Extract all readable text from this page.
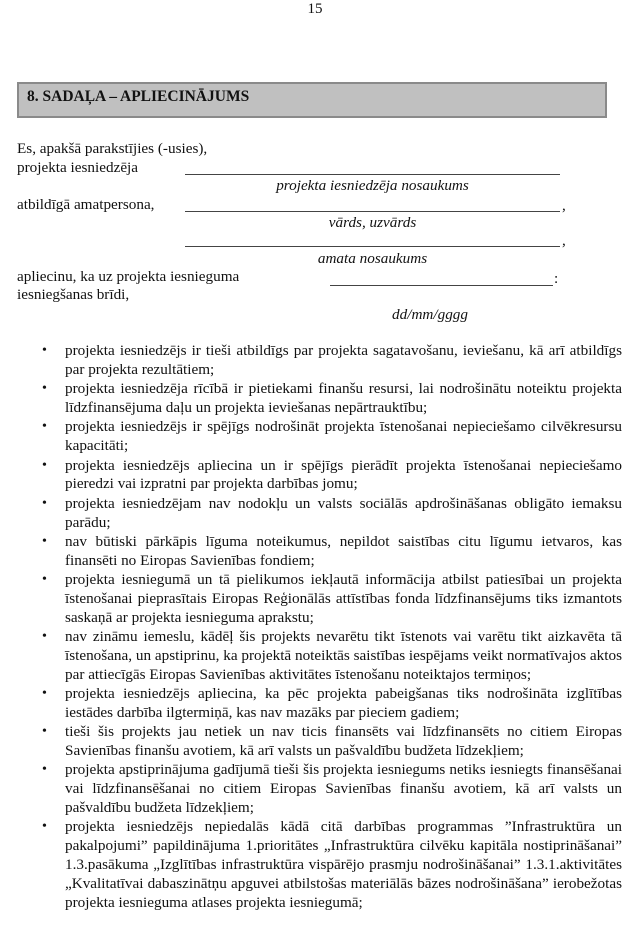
15
8. SADAĻA – APLIECINĀJUMS
Es, apakšā parakstījies (-usies),
projekta iesniedzēja
projekta iesniedzēja nosaukums
atbildīgā amatpersona,	,
vārds, uzvārds
,
amata nosaukums
apliecinu, ka uz projekta iesnieguma
iesniegšanas brīdi,
:
dd/mm/gggg
• projekta iesniedzējs ir tieši atbildīgs par projekta sagatavošanu, ieviešanu, kā arī atbildīgs par projekta rezultātiem;
• projekta iesniedzēja rīcībā ir pietiekami finanšu resursi, lai nodrošinātu noteiktu projekta līdzfinansējuma daļu un projekta ieviešanas nepārtrauktību;
• projekta iesniedzējs ir spējīgs nodrošināt projekta īstenošanai nepieciešamo cilvēkresursu kapacitāti;
• projekta iesniedzējs apliecina un ir spējīgs pierādīt projekta īstenošanai nepieciešamo pieredzi vai izpratni par projekta darbības jomu;
• projekta iesniedzējam nav nodokļu un valsts sociālās apdrošināšanas obligāto iemaksu parādu;
• nav būtiski pārkāpis līguma noteikumus, nepildot saistības citu līgumu ietvaros, kas finansēti no Eiropas Savienības fondiem;
• projekta iesniegumā un tā pielikumos iekļautā informācija atbilst patiesībai un projekta īstenošanai pieprasītais Eiropas Reģionālās attīstības fonda līdzfinansējums tiks izmantots saskaņā ar projekta iesnieguma aprakstu;
• nav zināmu iemeslu, kādēļ šis projekts nevarētu tikt īstenots vai varētu tikt aizkavēta tā īstenošana, un apstiprinu, ka projektā noteiktās saistības iespējams veikt normatīvajos aktos par attiecīgās Eiropas Savienības aktivitātes īstenošanu noteiktajos termiņos;
• projekta iesniedzējs apliecina, ka pēc projekta pabeigšanas tiks nodrošināta izglītības iestādes darbība ilgtermiņā, kas nav mazāks par pieciem gadiem;
• tieši šis projekts jau netiek un nav ticis finansēts vai līdzfinansēts no citiem Eiropas Savienības finanšu avotiem, kā arī valsts un pašvaldību budžeta līdzekļiem;
• projekta apstiprinājuma gadījumā tieši šis projekta iesniegums netiks iesniegts finansēšanai vai līdzfinansēšanai no citiem Eiropas Savienības finanšu avotiem, kā arī valsts un pašvaldību budžeta līdzekļiem;
• projekta iesniedzējs nepiedalās kādā citā darbības programmas ”Infrastruktūra un pakalpojumi” papildinājuma 1.prioritātes „Infrastruktūra cilvēku kapitāla nostiprināšanai” 1.3.pasākuma „Izglītības infrastruktūra vispārējo prasmju nodrošināšanai” 1.3.1.aktivitātes „Kvalitatīvai dabaszinātņu apguvei atbilstošas materiālās bāzes nodrošināšana” ierobežotas projekta iesnieguma atlases projekta iesniegumā;
